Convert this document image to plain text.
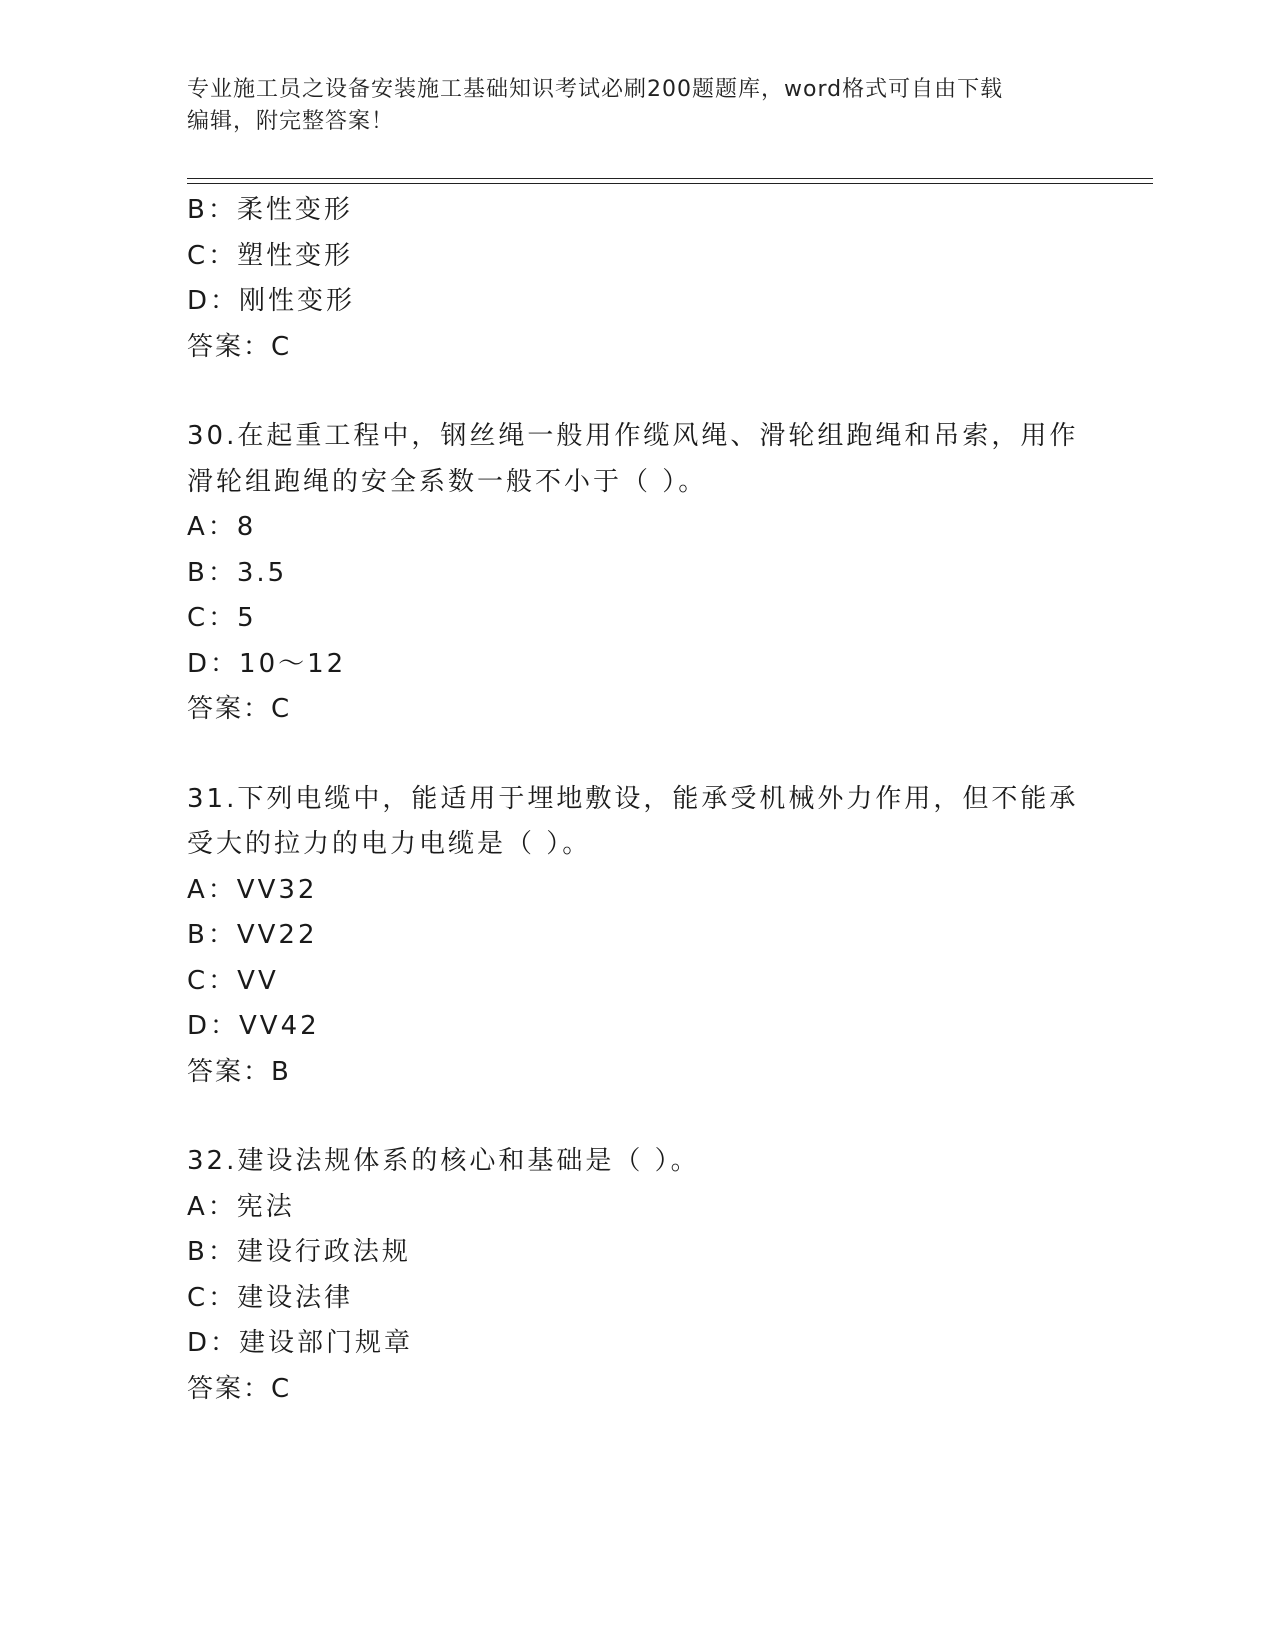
专业施工员之设备安装施工基础知识考试必刷200题题库，word格式可自由下载
编辑，附完整答案！
B：柔性变形
C：塑性变形
D：刚性变形
答案：C
30.在起重工程中，钢丝绳一般用作缆风绳、滑轮组跑绳和吊索，用作
滑轮组跑绳的安全系数一般不小于（ ）。
A：8
B：3.5
C：5
D：10～12
答案：C
31.下列电缆中，能适用于埋地敷设，能承受机械外力作用，但不能承
受大的拉力的电力电缆是（ ）。
A：VV32
B：VV22
C：VV
D：VV42
答案：B
32.建设法规体系的核心和基础是（ ）。
A：宪法
B：建设行政法规
C：建设法律
D：建设部门规章
答案：C
